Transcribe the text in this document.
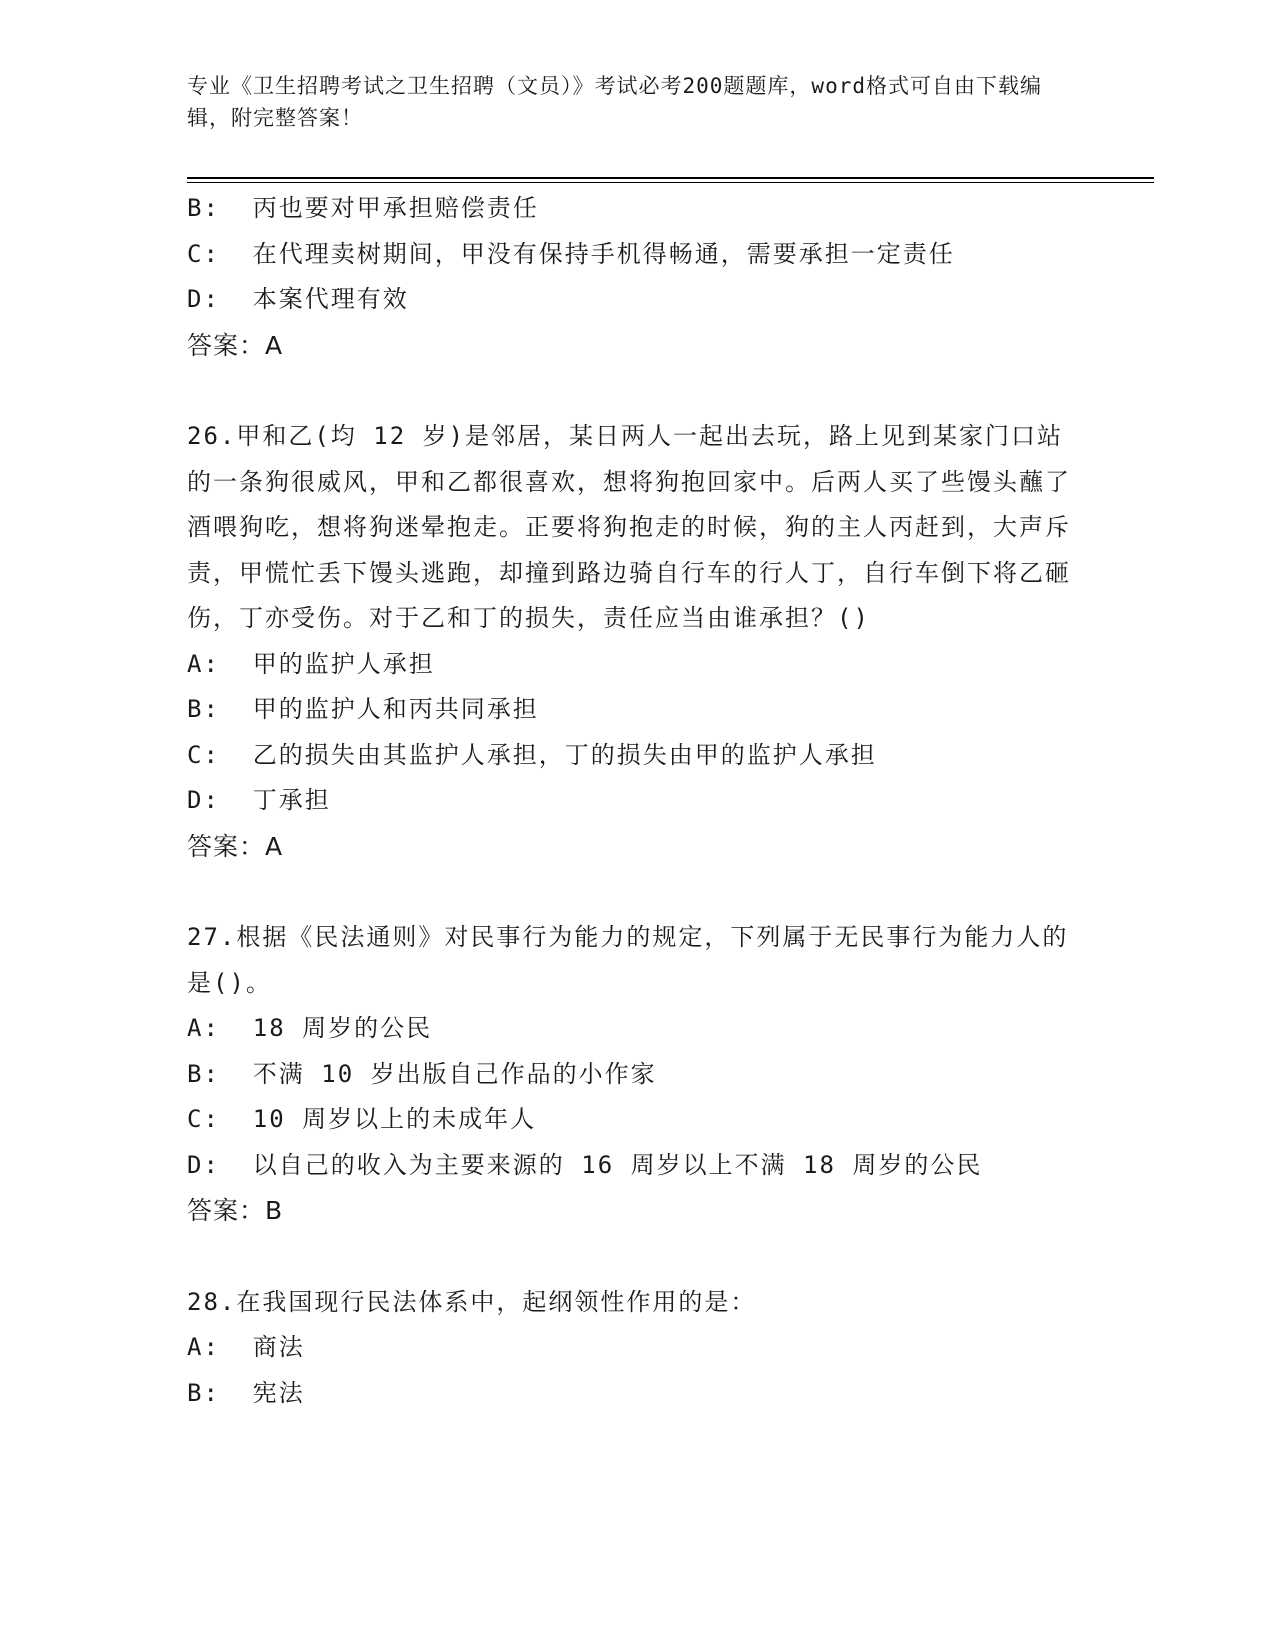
专业《卫生招聘考试之卫生招聘（文员）》考试必考200题题库，word格式可自由下载编辑，附完整答案！

B:  丙也要对甲承担赔偿责任

C:  在代理卖树期间，甲没有保持手机得畅通，需要承担一定责任

D:  本案代理有效

答案：A

26.甲和乙(均 12 岁)是邻居，某日两人一起出去玩，路上见到某家门口站的一条狗很威风，甲和乙都很喜欢，想将狗抱回家中。后两人买了些馒头蘸了酒喂狗吃，想将狗迷晕抱走。正要将狗抱走的时候，狗的主人丙赶到，大声斥责，甲慌忙丢下馒头逃跑，却撞到路边骑自行车的行人丁，自行车倒下将乙砸伤，丁亦受伤。对于乙和丁的损失，责任应当由谁承担？()

A:  甲的监护人承担

B:  甲的监护人和丙共同承担

C:  乙的损失由其监护人承担，丁的损失由甲的监护人承担

D:  丁承担

答案：A

27.根据《民法通则》对民事行为能力的规定，下列属于无民事行为能力人的是()。

A:  18 周岁的公民

B:  不满 10 岁出版自己作品的小作家

C:  10 周岁以上的未成年人

D:  以自己的收入为主要来源的 16 周岁以上不满 18 周岁的公民

答案：B

28.在我国现行民法体系中，起纲领性作用的是：

A:  商法

B:  宪法
